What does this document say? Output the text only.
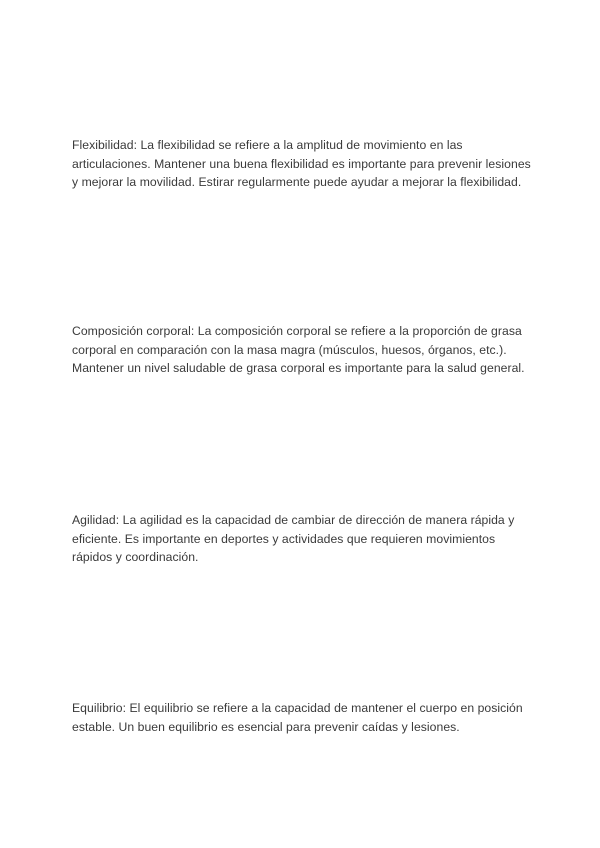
Flexibilidad: La flexibilidad se refiere a la amplitud de movimiento en las
articulaciones. Mantener una buena flexibilidad es importante para prevenir lesiones
y mejorar la movilidad. Estirar regularmente puede ayudar a mejorar la flexibilidad.

Composición corporal: La composición corporal se refiere a la proporción de grasa
corporal en comparación con la masa magra (músculos, huesos, órganos, etc.).
Mantener un nivel saludable de grasa corporal es importante para la salud general.

Agilidad: La agilidad es la capacidad de cambiar de dirección de manera rápida y
eficiente. Es importante en deportes y actividades que requieren movimientos
rápidos y coordinación.

Equilibrio: El equilibrio se refiere a la capacidad de mantener el cuerpo en posición
estable. Un buen equilibrio es esencial para prevenir caídas y lesiones.
